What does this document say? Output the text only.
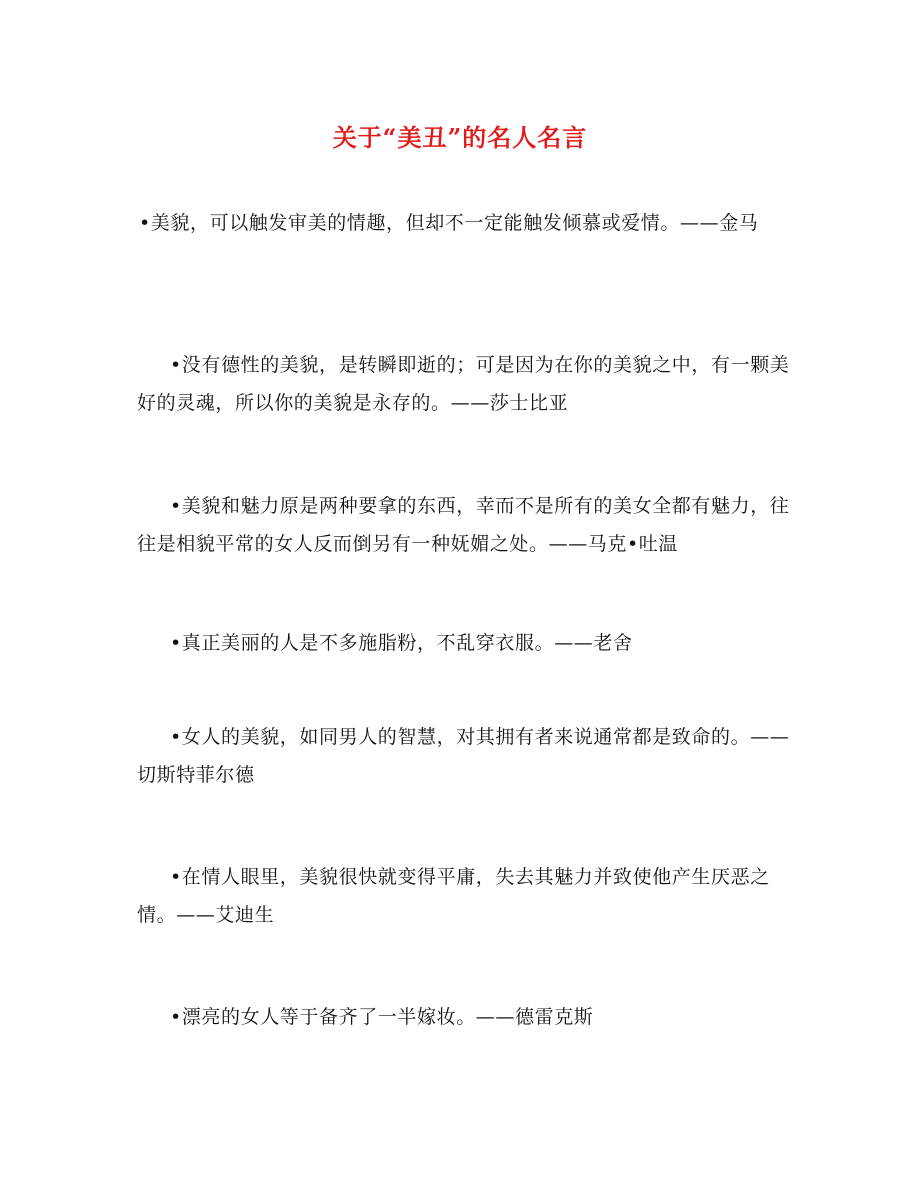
关于“美丑”的名人名言

•美貌，可以触发审美的情趣，但却不一定能触发倾慕或爱情。——金马

•没有德性的美貌，是转瞬即逝的；可是因为在你的美貌之中，有一颗美好的灵魂，所以你的美貌是永存的。——莎士比亚

•美貌和魅力原是两种要拿的东西，幸而不是所有的美女全都有魅力，往往是相貌平常的女人反而倒另有一种妩媚之处。——马克•吐温

•真正美丽的人是不多施脂粉，不乱穿衣服。——老舍

•女人的美貌，如同男人的智慧，对其拥有者来说通常都是致命的。——切斯特菲尔德

•在情人眼里，美貌很快就变得平庸，失去其魅力并致使他产生厌恶之情。——艾迪生

•漂亮的女人等于备齐了一半嫁妆。——德雷克斯
